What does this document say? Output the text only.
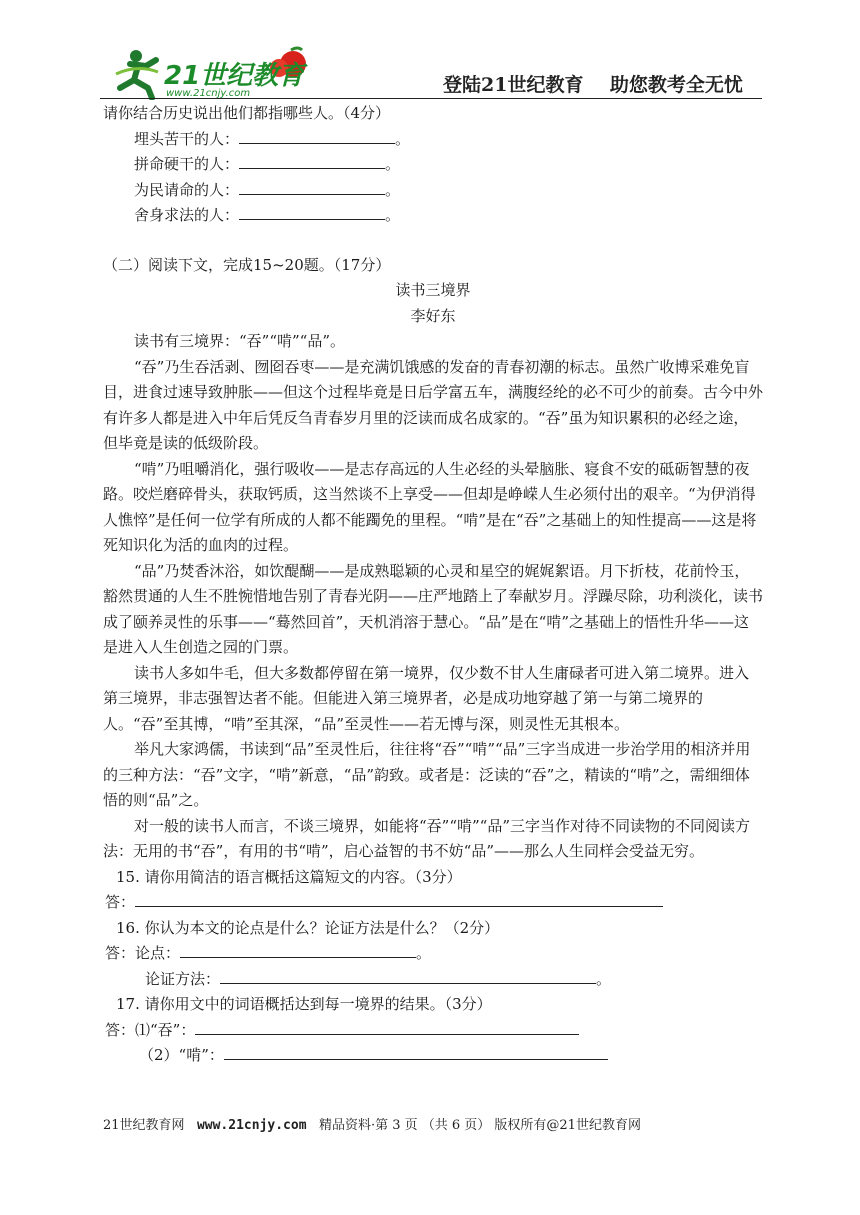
21世纪教育
www.21cnjy.com	登陆21世纪教育    助您教考全无忧

请你结合历史说出他们都指哪些人。（4分）

埋头苦干的人：	。

拼命硬干的人：	。

为民请命的人：	。

舍身求法的人：	。

（二）阅读下文，完成15~20题。（17分）

读书三境界

李好东

读书有三境界：“吞”“啃”“品”。

“吞”乃生吞活剥、囫囵吞枣——是充满饥饿感的发奋的青春初潮的标志。虽然广收博采难免盲目，进食过速导致肿胀——但这个过程毕竟是日后学富五车，满腹经纶的必不可少的前奏。古今中外有许多人都是进入中年后凭反刍青春岁月里的泛读而成名成家的。“吞”虽为知识累积的必经之途，但毕竟是读的低级阶段。

“啃”乃咀嚼消化，强行吸收——是志存高远的人生必经的头晕脑胀、寝食不安的砥砺智慧的夜路。咬烂磨碎骨头，获取钙质，这当然谈不上享受——但却是峥嵘人生必须付出的艰辛。“为伊消得人憔悴”是任何一位学有所成的人都不能躅免的里程。“啃”是在“吞”之基础上的知性提高——这是将死知识化为活的血肉的过程。

“品”乃焚香沐浴，如饮醍醐——是成熟聪颖的心灵和星空的娓娓絮语。月下折枝，花前怜玉，豁然贯通的人生不胜惋惜地告别了青春光阴——庄严地踏上了奉献岁月。浮躁尽除，功利淡化，读书成了颐养灵性的乐事——“蓦然回首”，天机消溶于慧心。“品”是在“啃”之基础上的悟性升华——这是进入人生创造之园的门票。

读书人多如牛毛，但大多数都停留在第一境界，仅少数不甘人生庸碌者可进入第二境界。进入第三境界，非志强智达者不能。但能进入第三境界者，必是成功地穿越了第一与第二境界的人。“吞”至其博，“啃”至其深，“品”至灵性——若无博与深，则灵性无其根本。

举凡大家鸿儒，书读到“品”至灵性后，往往将“吞”“啃”“品”三字当成进一步治学用的相济并用的三种方法：“吞”文字，“啃”新意，“品”韵致。或者是：泛读的“吞”之，精读的“啃”之，需细细体悟的则“品”之。

对一般的读书人而言，不谈三境界，如能将“吞”“啃”“品”三字当作对待不同读物的不同阅读方法：无用的书“吞”，有用的书“啃”，启心益智的书不妨“品”——那么人生同样会受益无穷。

15. 请你用简洁的语言概括这篇短文的内容。（3分）

答：

16. 你认为本文的论点是什么？论证方法是什么？（2分）

答：论点：	。

论证方法：	。

17. 请你用文中的词语概括达到每一境界的结果。（3分）

答：⑴“吞”：

（2）“啃”：

21世纪教育网 www.21cnjy.com 精品资料·第 3 页 （共 6 页） 版权所有@21世纪教育网
